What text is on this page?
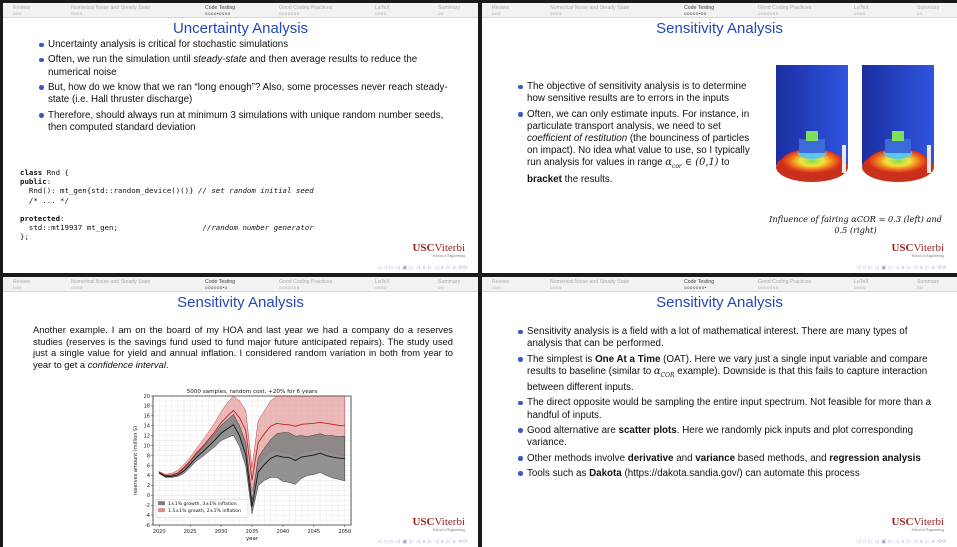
Review
ooo
Numerical Noise and Steady State
oooo
Code Testing
oooo•oooo
Good Coding Practices
ooooooo
LaTeX
oooo
Summary
oo
Uncertainty Analysis
Uncertainty analysis is critical for stochastic simulations
Often, we run the simulation until steady-state and then average results to reduce the numerical noise
But, how do we know that we ran “long enough”? Also, some processes never reach steady-state (i.e. Hall thruster discharge)
Therefore, should always run at minimum 3 simulations with unique random number seeds, then computed standard deviation
class Rnd {
public:
Rnd(): mt_gen{std::random_device()()} // set random initial seed
/* ... */

protected:
std::mt19937 mt_gen;                   //random number generator
};
USCViterbi
School of Engineering
◁ □ ▷ ◁ ▣ ▷ ◁ ≡ ▷ ◁ ≡ ▷ ≡ ⟲⟳
Review
ooo
Numerical Noise and Steady State
oooo
Code Testing
ooooo•oo
Good Coding Practices
ooooooo
LaTeX
oooo
Summary
oo
Sensitivity Analysis
The objective of sensitivity analysis is to determine how sensitive results are to errors in the inputs
Often, we can only estimate inputs. For instance, in particulate transport analysis, we need to set coefficient of restitution (the bounciness of particles on impact). No idea what value to use, so I typically run analysis for values in range $\alpha_{cor}$ ∈ (0,1) to bracket the results.
Influence of fairing αCOR = 0.3 (left) and 0.5 (right)
USCViterbi
School of Engineering
◁ □ ▷ ◁ ▣ ▷ ◁ ≡ ▷ ◁ ≡ ▷ ≡ ⟲⟳
Review
ooo
Numerical Noise and Steady State
oooo
Code Testing
oooooo•o
Good Coding Practices
ooooooo
LaTeX
oooo
Summary
oo
Sensitivity Analysis
Another example. I am on the board of my HOA and last year we had a company do a reserves studies (reserves is the savings fund used to fund major future anticipated repairs). The study used just a single value for yield and annual inflation. I considered random variation in both from year to year to get a confidence interval.
-6
-4
-2
0
2
4
6
8
10
12
14
16
18
20
2020	2025	2030	2035	2040	2045	2050
5000 samples, random cost, +20% for 6 years
year
reserves amount (million $)
1±1% growth, 3±1% inflation
1.5±1% growth, 2±1% inflation
USCViterbi
School of Engineering
◁ □ ▷ ◁ ▣ ▷ ◁ ≡ ▷ ◁ ≡ ▷ ≡ ⟲⟳
Review
ooo
Numerical Noise and Steady State
oooo
Code Testing
ooooooo•
Good Coding Practices
ooooooo
LaTeX
oooo
Summary
oo
Sensitivity Analysis
Sensitivity analysis is a field with a lot of mathematical interest. There are many types of analysis that can be performed.
The simplest is One At a Time (OAT). Here we vary just a single input variable and compare results to baseline (similar to $\alpha_{COR}$ example). Downside is that this fails to capture interaction between different inputs.
The direct opposite would be sampling the entire input spectrum. Not feasible for more than a handful of inputs.
Good alternative are scatter plots. Here we randomly pick inputs and plot corresponding variance.
Other methods involve derivative and variance based methods, and regression analysis
Tools such as Dakota (https://dakota.sandia.gov/) can automate this process
USCViterbi
School of Engineering
◁ □ ▷ ◁ ▣ ▷ ◁ ≡ ▷ ◁ ≡ ▷ ≡ ⟲⟳
